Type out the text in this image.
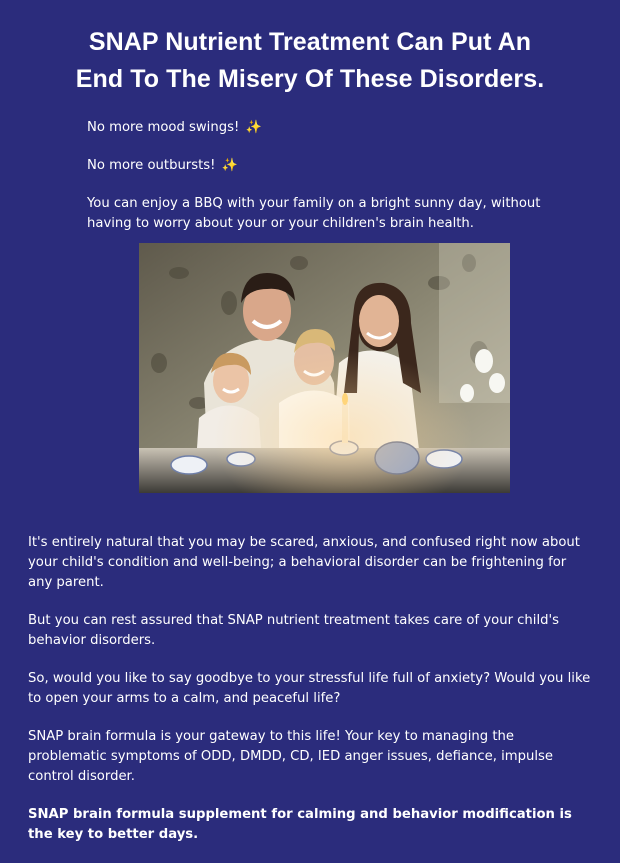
SNAP Nutrient Treatment Can Put An
End To The Misery Of These Disorders.

No more mood swings! ✨

No more outbursts! ✨

You can enjoy a BBQ with your family on a bright sunny day, without having to worry about your or your children's brain health.

It's entirely natural that you may be scared, anxious, and confused right now about your child's condition and well-being; a behavioral disorder can be frightening for any parent.

But you can rest assured that SNAP nutrient treatment takes care of your child's behavior disorders.

So, would you like to say goodbye to your stressful life full of anxiety? Would you like to open your arms to a calm, and peaceful life?

SNAP brain formula is your gateway to this life! Your key to managing the problematic symptoms of ODD, DMDD, CD, IED anger issues, defiance, impulse control disorder.

SNAP brain formula supplement for calming and behavior modification is the key to better days.
